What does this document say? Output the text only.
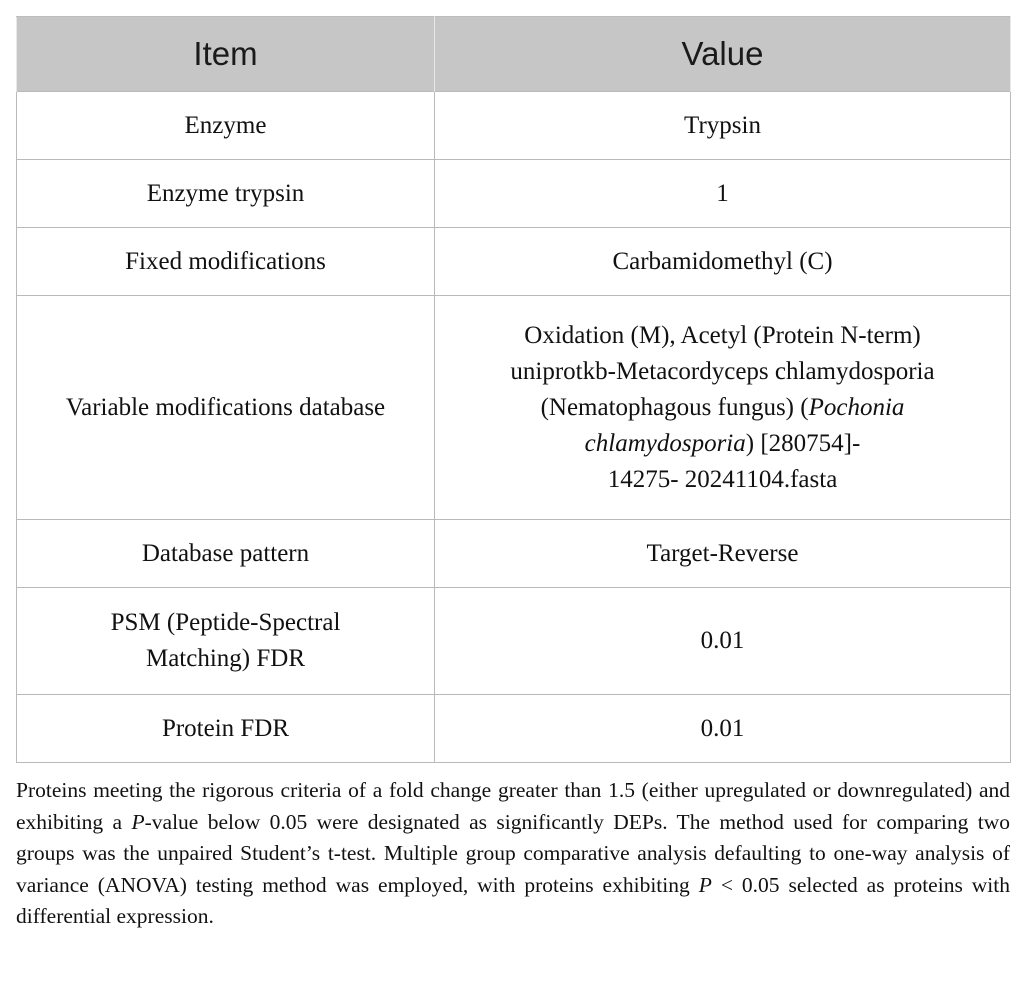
Item	Value
Enzyme	Trypsin
Enzyme trypsin	1
Fixed modifications	Carbamidomethyl (C)
Variable modifications database	Oxidation (M), Acetyl (Protein N-term)
uniprotkb-Metacordyceps chlamydosporia
(Nematophagous fungus) (Pochonia
chlamydosporia) [280754]-
14275- 20241104.fasta

Database pattern	Target-Reverse

PSM (Peptide-Spectral
Matching) FDR	0.01
Protein FDR	0.01

Proteins meeting the rigorous criteria of a fold change greater than 1.5 (either upregulated or downregulated) and exhibiting a P-value below 0.05 were designated as significantly DEPs. The method used for comparing two groups was the unpaired Student’s t-test. Multiple group comparative analysis defaulting to one-way analysis of variance (ANOVA) testing method was employed, with proteins exhibiting P < 0.05 selected as proteins with differential expression.
